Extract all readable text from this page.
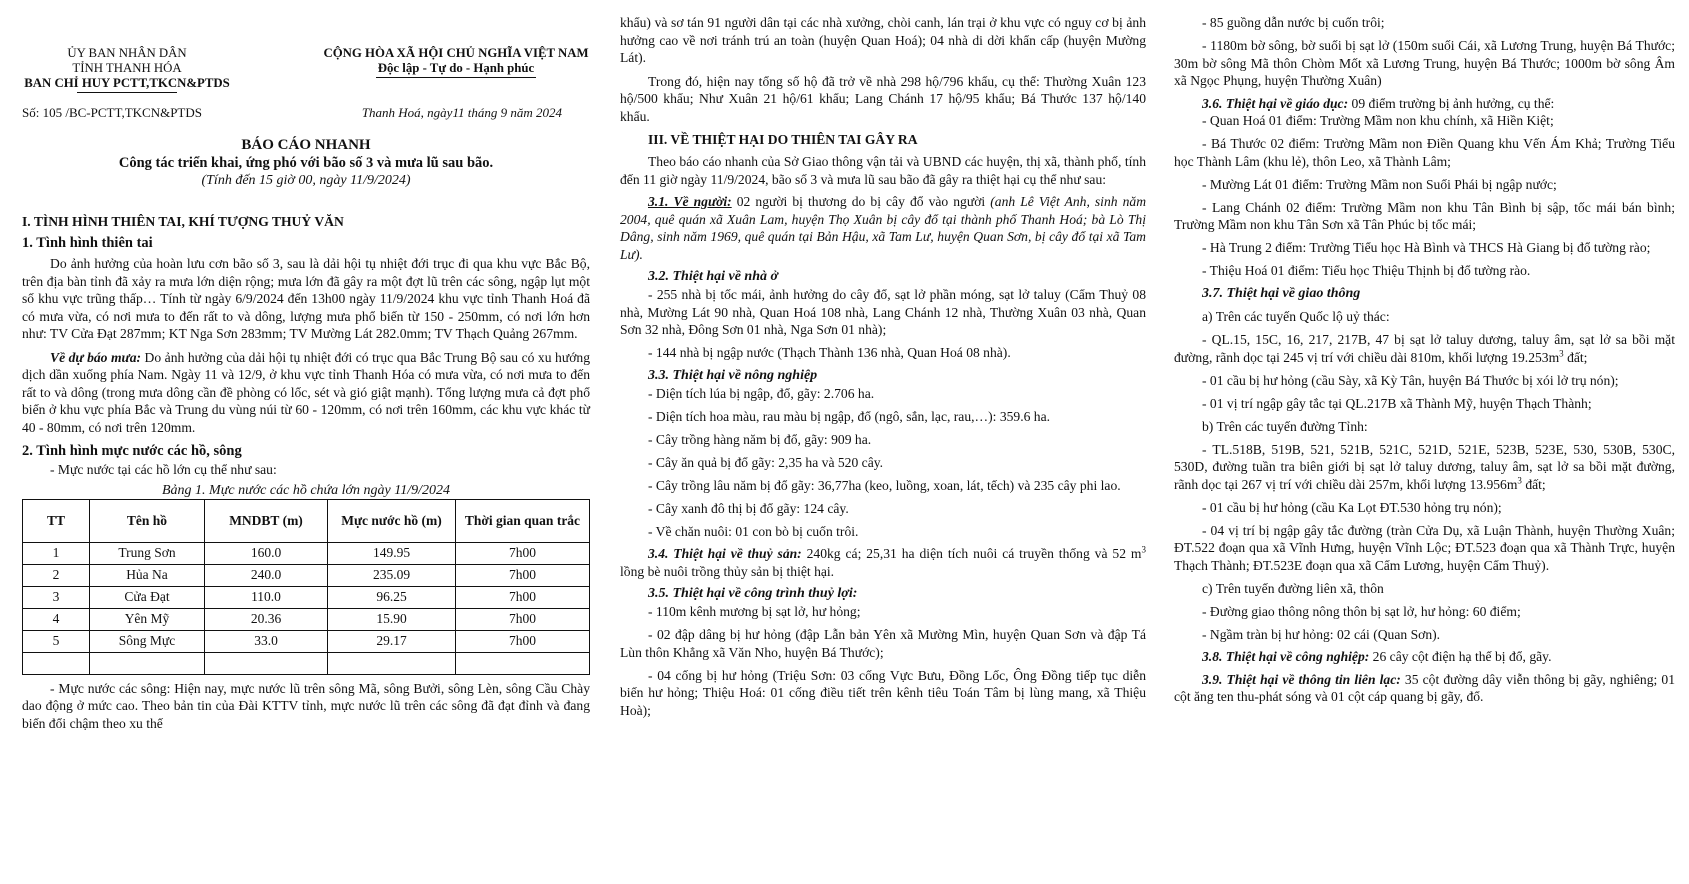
ỦY BAN NHÂN DÂN
TỈNH THANH HÓA
BAN CHỈ HUY PCTT,TKCN&PTDS
CỘNG HÒA XÃ HỘI CHỦ NGHĨA VIỆT NAM
Độc lập - Tự do - Hạnh phúc
Số: 105 /BC-PCTT,TKCN&PTDS	Thanh Hoá, ngày11 tháng 9 năm 2024
BÁO CÁO NHANH
Công tác triển khai, ứng phó với bão số 3 và mưa lũ sau bão.
(Tính đến 15 giờ 00, ngày 11/9/2024)

I. TÌNH HÌNH THIÊN TAI, KHÍ TƯỢNG THUỶ VĂN

1. Tình hình thiên tai

Do ảnh hưởng của hoàn lưu cơn bão số 3, sau là dải hội tụ nhiệt đới trục đi qua khu vực Bắc Bộ, trên địa bàn tỉnh đã xảy ra mưa lớn diện rộng; mưa lớn đã gây ra một đợt lũ trên các sông, ngập lụt một số khu vực trũng thấp… Tính từ ngày 6/9/2024 đến 13h00 ngày 11/9/2024 khu vực tỉnh Thanh Hoá đã có mưa vừa, có nơi mưa to đến rất to và dông, lượng mưa phổ biến từ 150 - 250mm, có nơi lớn hơn như: TV Cửa Đạt 287mm; KT Nga Sơn 283mm; TV Mường Lát 282.0mm; TV Thạch Quảng 267mm.

Về dự báo mưa: Do ảnh hưởng của dải hội tụ nhiệt đới có trục qua Bắc Trung Bộ sau có xu hướng dịch dần xuống phía Nam. Ngày 11 và 12/9, ở khu vực tỉnh Thanh Hóa có mưa vừa, có nơi mưa to đến rất to và dông (trong mưa dông cần đề phòng có lốc, sét và gió giật mạnh). Tổng lượng mưa cả đợt phổ biến ở khu vực phía Bắc và Trung du vùng núi từ 60 - 120mm, có nơi trên 160mm, các khu vực khác từ 40 - 80mm, có nơi trên 120mm.

2. Tình hình mực nước các hồ, sông

- Mực nước tại các hồ lớn cụ thể như sau:

Bảng 1. Mực nước các hồ chứa lớn ngày 11/9/2024

TT	Tên hồ	MNDBT (m)	Mực nước hồ (m)	Thời gian quan trắc
1	Trung Sơn	160.0	149.95	7h00
2	Hủa Na	240.0	235.09	7h00
3	Cửa Đạt	110.0	96.25	7h00
4	Yên Mỹ	20.36	15.90	7h00
5	Sông Mực	33.0	29.17	7h00

- Mực nước các sông: Hiện nay, mực nước lũ trên sông Mã, sông Bưởi, sông Lèn, sông Cầu Chày dao động ở mức cao. Theo bản tin của Đài KTTV tỉnh, mực nước lũ trên các sông đã đạt đỉnh và đang biến đổi chậm theo xu thế

khẩu) và sơ tán 91 người dân tại các nhà xưởng, chòi canh, lán trại ở khu vực có nguy cơ bị ảnh hưởng cao về nơi tránh trú an toàn (huyện Quan Hoá); 04 nhà di dời khẩn cấp (huyện Mường Lát).

Trong đó, hiện nay tổng số hộ đã trở về nhà 298 hộ/796 khẩu, cụ thể: Thường Xuân 123 hộ/500 khẩu; Như Xuân 21 hộ/61 khẩu; Lang Chánh 17 hộ/95 khẩu; Bá Thước 137 hộ/140 khẩu.

III. VỀ THIỆT HẠI DO THIÊN TAI GÂY RA

Theo báo cáo nhanh của Sở Giao thông vận tải và UBND các huyện, thị xã, thành phố, tính đến 11 giờ ngày 11/9/2024, bão số 3 và mưa lũ sau bão đã gây ra thiệt hại cụ thể như sau:

3.1. Về người: 02 người bị thương do bị cây đổ vào người (anh Lê Việt Anh, sinh năm 2004, quê quán xã Xuân Lam, huyện Thọ Xuân bị cây đổ tại thành phố Thanh Hoá; bà Lò Thị Dâng, sinh năm 1969, quê quán tại Bản Hậu, xã Tam Lư, huyện Quan Sơn, bị cây đổ tại xã Tam Lư).

3.2. Thiệt hại về nhà ở

- 255 nhà bị tốc mái, ảnh hưởng do cây đổ, sạt lở phần móng, sạt lở taluy (Cẩm Thuỷ 08 nhà, Mường Lát 90 nhà, Quan Hoá 108 nhà, Lang Chánh 12 nhà, Thường Xuân 03 nhà, Quan Sơn 32 nhà, Đông Sơn 01 nhà, Nga Sơn 01 nhà);

- 144 nhà bị ngập nước (Thạch Thành 136 nhà, Quan Hoá 08 nhà).

3.3. Thiệt hại về nông nghiệp

- Diện tích lúa bị ngập, đổ, gãy: 2.706 ha.

- Diện tích hoa màu, rau màu bị ngập, đổ (ngô, sắn, lạc, rau,…): 359.6 ha.

- Cây trồng hàng năm bị đổ, gãy: 909 ha.

- Cây ăn quả bị đổ gãy: 2,35 ha và 520 cây.

- Cây trồng lâu năm bị đổ gãy: 36,77ha (keo, luồng, xoan, lát, tếch) và 235 cây phi lao.

- Cây xanh đô thị bị đổ gãy: 124 cây.

- Về chăn nuôi: 01 con bò bị cuốn trôi.

3.4. Thiệt hại về thuỷ sản: 240kg cá; 25,31 ha diện tích nuôi cá truyền thống và 52 $m^3$ lồng bè nuôi trồng thủy sản bị thiệt hại.

3.5. Thiệt hại về công trình thuỷ lợi:

- 110m kênh mương bị sạt lở, hư hỏng;

- 02 đập dâng bị hư hỏng (đập Lẫn bản Yên xã Mường Mìn, huyện Quan Sơn và đập Tá Lùn thôn Khẳng xã Văn Nho, huyện Bá Thước);

- 04 cống bị hư hỏng (Triệu Sơn: 03 cống Vực Bưu, Đồng Lốc, Ông Đồng tiếp tục diễn biến hư hỏng; Thiệu Hoá: 01 cống điều tiết trên kênh tiêu Toán Tâm bị lùng mang, xã Thiệu Hoà);

- 85 guồng dẫn nước bị cuốn trôi;

- 1180m bờ sông, bờ suối bị sạt lở (150m suối Cái, xã Lương Trung, huyện Bá Thước; 30m bờ sông Mã thôn Chòm Mốt xã Lương Trung, huyện Bá Thước; 1000m bờ sông Âm xã Ngọc Phụng, huyện Thường Xuân)

3.6. Thiệt hại về giáo dục: 09 điểm trường bị ảnh hưởng, cụ thể:

- Quan Hoá 01 điểm: Trường Mầm non khu chính, xã Hiền Kiệt;

- Bá Thước 02 điểm: Trường Mầm non Điền Quang khu Vến Ám Khả; Trường Tiểu học Thành Lâm (khu lẻ), thôn Leo, xã Thành Lâm;

- Mường Lát 01 điểm: Trường Mầm non Suối Phái bị ngập nước;

- Lang Chánh 02 điểm: Trường Mầm non khu Tân Bình bị sập, tốc mái bán bình; Trường Mầm non khu Tân Sơn xã Tân Phúc bị tốc mái;

- Hà Trung 2 điểm: Trường Tiểu học Hà Bình và THCS Hà Giang bị đổ tường rào;

- Thiệu Hoá 01 điểm: Tiểu học Thiệu Thịnh bị đổ tường rào.

3.7. Thiệt hại về giao thông

a) Trên các tuyến Quốc lộ uỷ thác:

- QL.15, 15C, 16, 217, 217B, 47 bị sạt lở taluy dương, taluy âm, sạt lở sa bồi mặt đường, rãnh dọc tại 245 vị trí với chiều dài 810m, khối lượng $19.253m^3$ đất;

- 01 cầu bị hư hỏng (cầu Sày, xã Kỳ Tân, huyện Bá Thước bị xói lở trụ nón);

- 01 vị trí ngập gây tắc tại QL.217B xã Thành Mỹ, huyện Thạch Thành;

b) Trên các tuyến đường Tỉnh:

- TL.518B, 519B, 521, 521B, 521C, 521D, 521E, 523B, 523E, 530, 530B, 530C, 530D, đường tuần tra biên giới bị sạt lở taluy dương, taluy âm, sạt lở sa bồi mặt đường, rãnh dọc tại 267 vị trí với chiều dài 257m, khối lượng $13.956m^3$ đất;

- 01 cầu bị hư hỏng (cầu Ka Lọt ĐT.530 hỏng trụ nón);

- 04 vị trí bị ngập gây tắc đường (tràn Cửa Dụ, xã Luận Thành, huyện Thường Xuân; ĐT.522 đoạn qua xã Vĩnh Hưng, huyện Vĩnh Lộc; ĐT.523 đoạn qua xã Thành Trực, huyện Thạch Thành; ĐT.523E đoạn qua xã Cẩm Lương, huyện Cẩm Thuỷ).

c) Trên tuyến đường liên xã, thôn

- Đường giao thông nông thôn bị sạt lở, hư hỏng: 60 điểm;

- Ngầm tràn bị hư hỏng: 02 cái (Quan Sơn).

3.8. Thiệt hại về công nghiệp: 26 cây cột điện hạ thế bị đổ, gãy.

3.9. Thiệt hại về thông tin liên lạc: 35 cột đường dây viễn thông bị gãy, nghiêng; 01 cột ăng ten thu-phát sóng và 01 cột cáp quang bị gãy, đổ.
